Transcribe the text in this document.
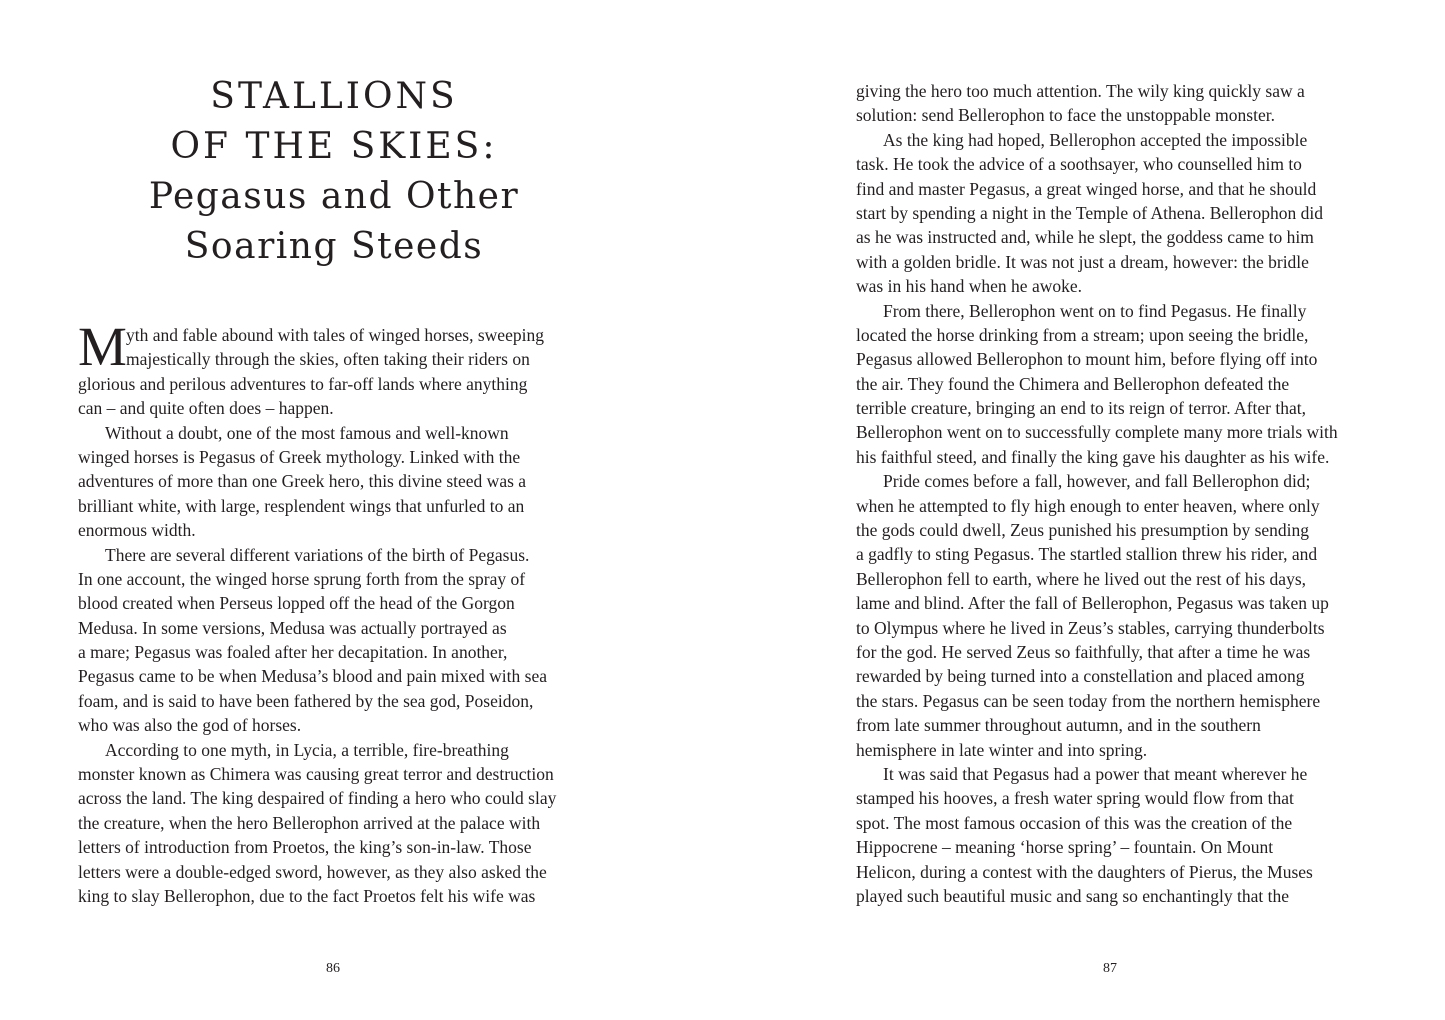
STALLIONS
OF THE SKIES:
Pegasus and Other
Soaring Steeds
M yth and fable abound with tales of winged horses, sweeping
majestically through the skies, often taking their riders on
glorious and perilous adventures to far-off lands where anything
can – and quite often does – happen.
Without a doubt, one of the most famous and well-known
winged horses is Pegasus of Greek mythology. Linked with the
adventures of more than one Greek hero, this divine steed was a
brilliant white, with large, resplendent wings that unfurled to an
enormous width.
There are several different variations of the birth of Pegasus.
In one account, the winged horse sprung forth from the spray of
blood created when Perseus lopped off the head of the Gorgon
Medusa. In some versions, Medusa was actually portrayed as
a mare; Pegasus was foaled after her decapitation. In another,
Pegasus came to be when Medusa’s blood and pain mixed with sea
foam, and is said to have been fathered by the sea god, Poseidon,
who was also the god of horses.
According to one myth, in Lycia, a terrible, fire-breathing
monster known as Chimera was causing great terror and destruction
across the land. The king despaired of finding a hero who could slay
the creature, when the hero Bellerophon arrived at the palace with
letters of introduction from Proetos, the king’s son-in-law. Those
letters were a double-edged sword, however, as they also asked the
king to slay Bellerophon, due to the fact Proetos felt his wife was
86
giving the hero too much attention. The wily king quickly saw a
solution: send Bellerophon to face the unstoppable monster.
As the king had hoped, Bellerophon accepted the impossible
task. He took the advice of a soothsayer, who counselled him to
find and master Pegasus, a great winged horse, and that he should
start by spending a night in the Temple of Athena. Bellerophon did
as he was instructed and, while he slept, the goddess came to him
with a golden bridle. It was not just a dream, however: the bridle
was in his hand when he awoke.
From there, Bellerophon went on to find Pegasus. He finally
located the horse drinking from a stream; upon seeing the bridle,
Pegasus allowed Bellerophon to mount him, before flying off into
the air. They found the Chimera and Bellerophon defeated the
terrible creature, bringing an end to its reign of terror. After that,
Bellerophon went on to successfully complete many more trials with
his faithful steed, and finally the king gave his daughter as his wife.
Pride comes before a fall, however, and fall Bellerophon did;
when he attempted to fly high enough to enter heaven, where only
the gods could dwell, Zeus punished his presumption by sending
a gadfly to sting Pegasus. The startled stallion threw his rider, and
Bellerophon fell to earth, where he lived out the rest of his days,
lame and blind. After the fall of Bellerophon, Pegasus was taken up
to Olympus where he lived in Zeus’s stables, carrying thunderbolts
for the god. He served Zeus so faithfully, that after a time he was
rewarded by being turned into a constellation and placed among
the stars. Pegasus can be seen today from the northern hemisphere
from late summer throughout autumn, and in the southern
hemisphere in late winter and into spring.
It was said that Pegasus had a power that meant wherever he
stamped his hooves, a fresh water spring would flow from that
spot. The most famous occasion of this was the creation of the
Hippocrene – meaning ‘horse spring’ – fountain. On Mount
Helicon, during a contest with the daughters of Pierus, the Muses
played such beautiful music and sang so enchantingly that the
87
